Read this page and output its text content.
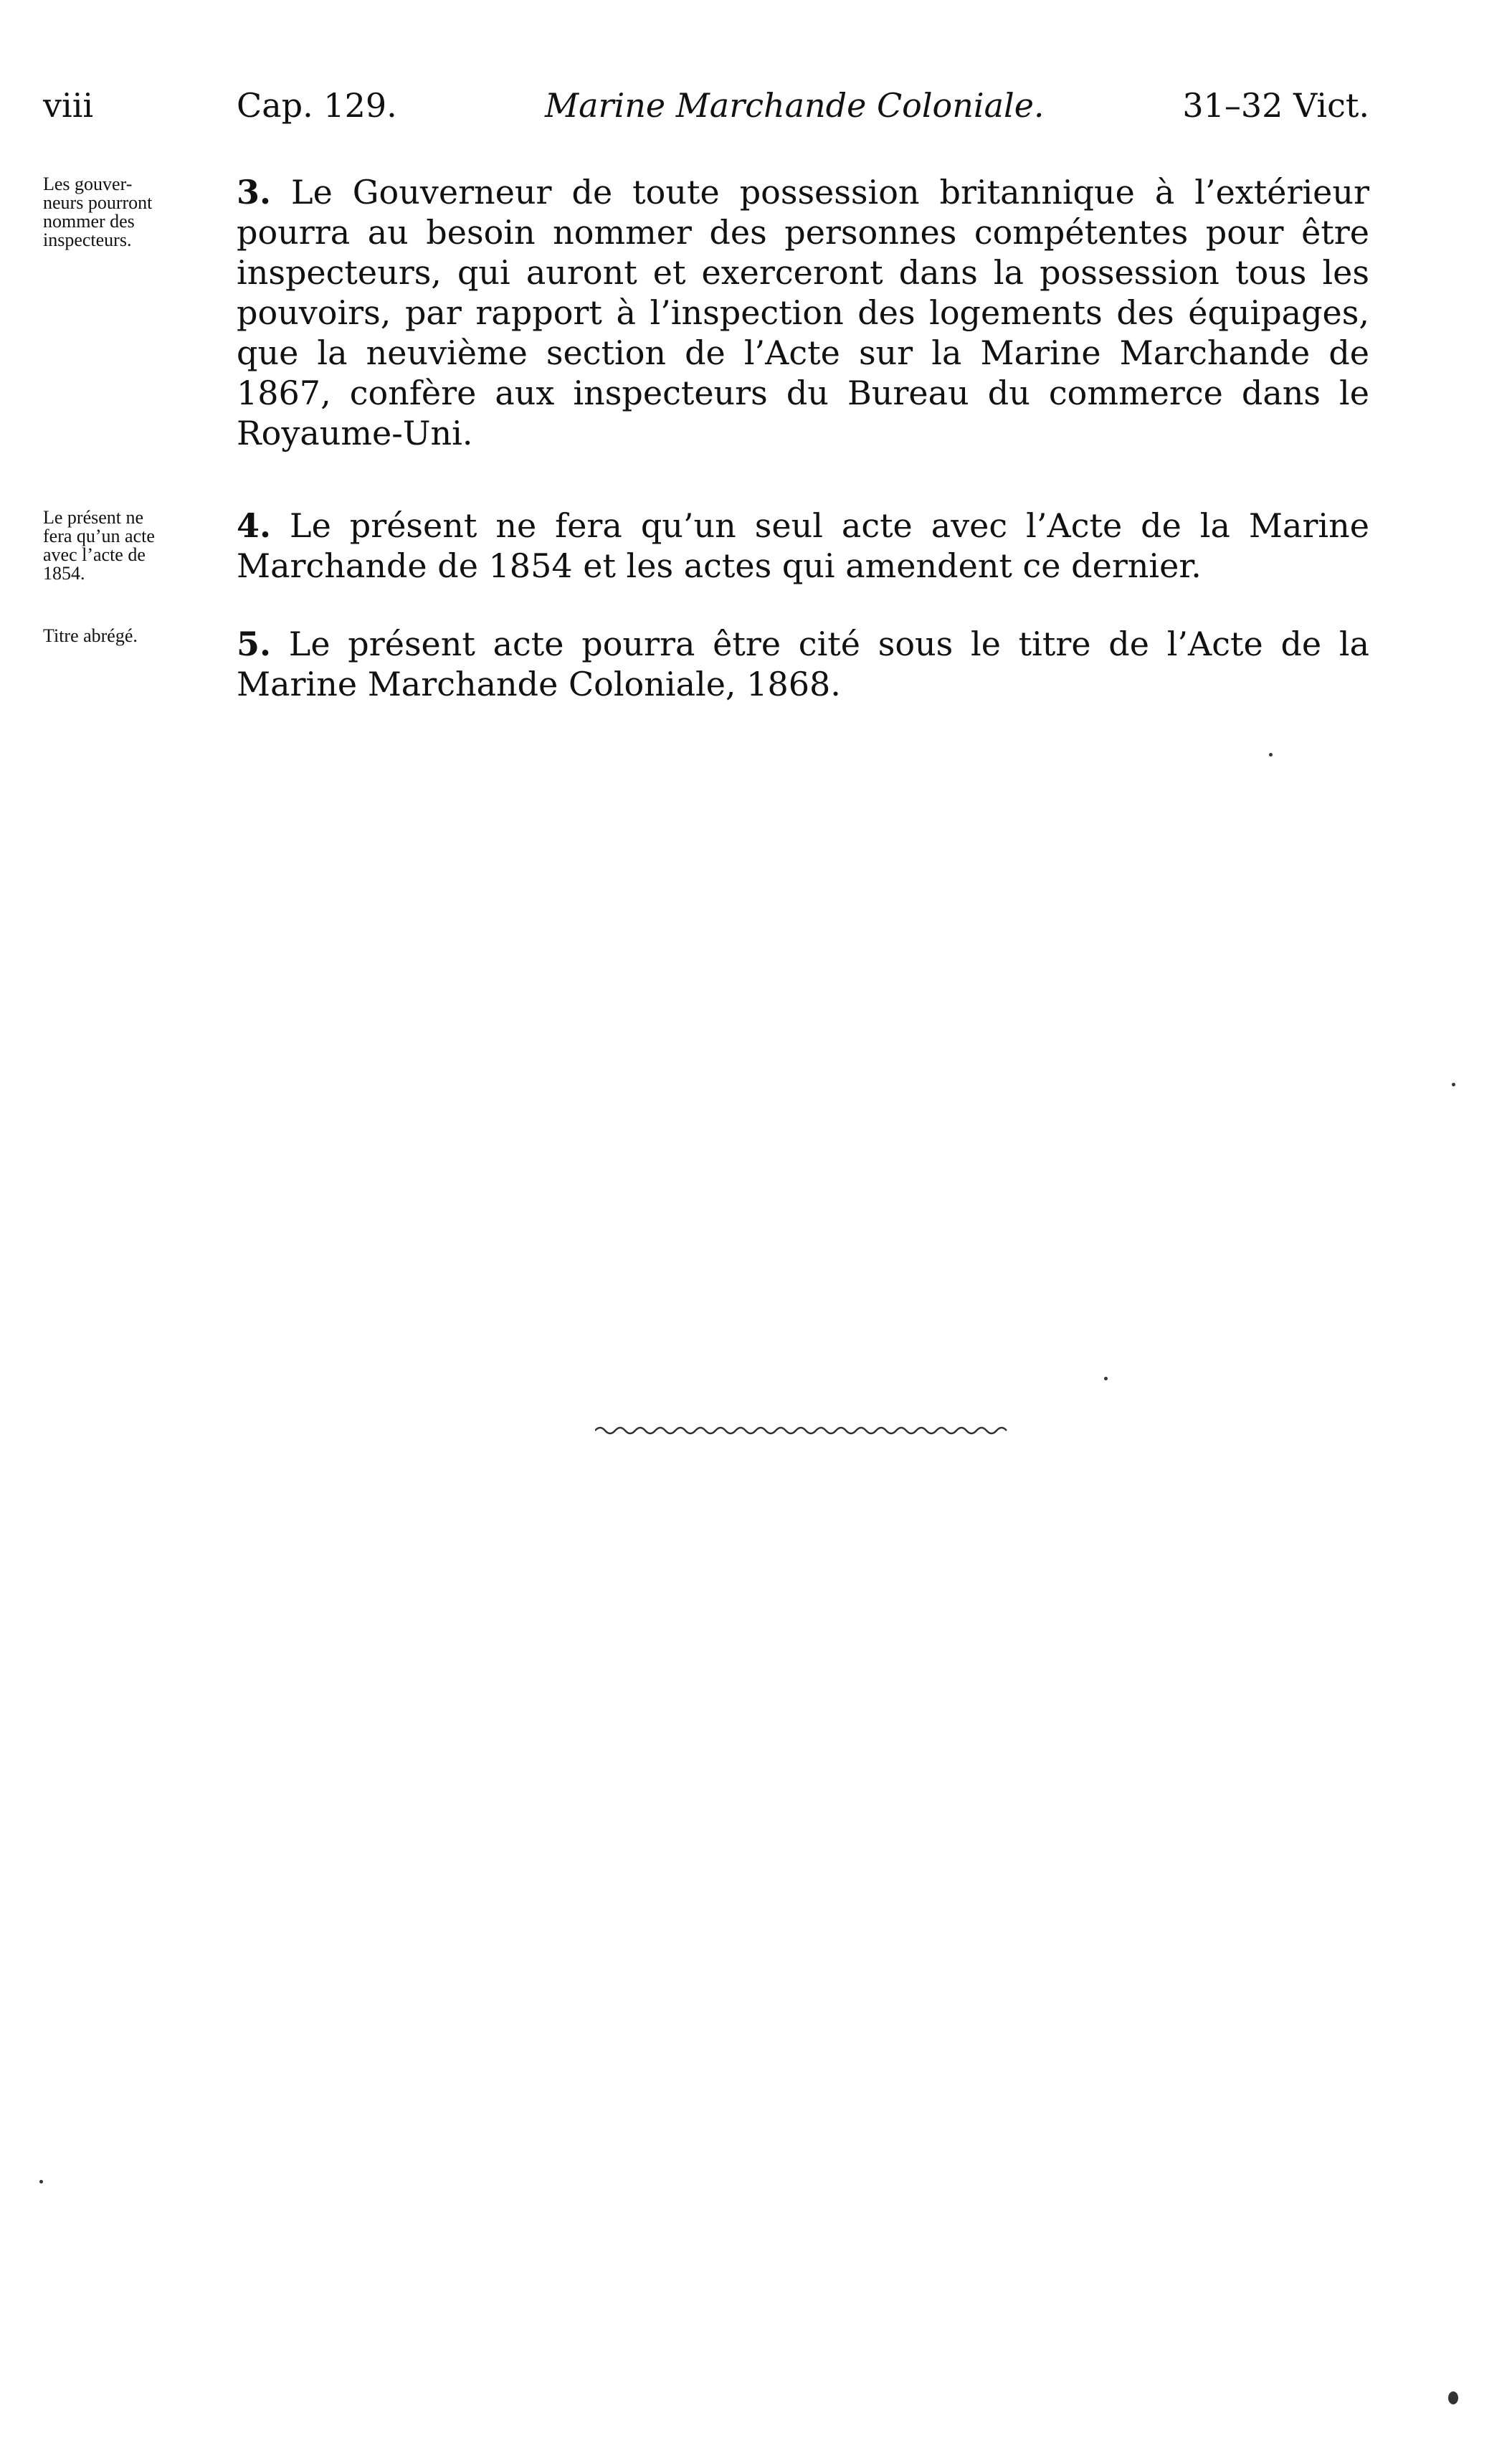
viii	Cap. 129.	Marine Marchande Coloniale.	31–32 Vict.
Les gouver-
neurs pourront
nommer des
inspecteurs.
3. Le Gouverneur de toute possession britannique à l’extérieur pourra au besoin nommer des personnes compétentes pour être inspecteurs, qui auront et exerceront dans la possession tous les pouvoirs, par rapport à l’inspection des logements des équipages, que la neuvième section de l’Acte sur la Marine Marchande de 1867, confère aux inspecteurs du Bureau du commerce dans le Royaume-Uni.
Le présent ne
fera qu’un acte
avec l’acte de
1854.
4. Le présent ne fera qu’un seul acte avec l’Acte de la Marine Marchande de 1854 et les actes qui amendent ce dernier.
Titre abrégé.	5. Le présent acte pourra être cité sous le titre de l’Acte de la Marine Marchande Coloniale, 1868.
